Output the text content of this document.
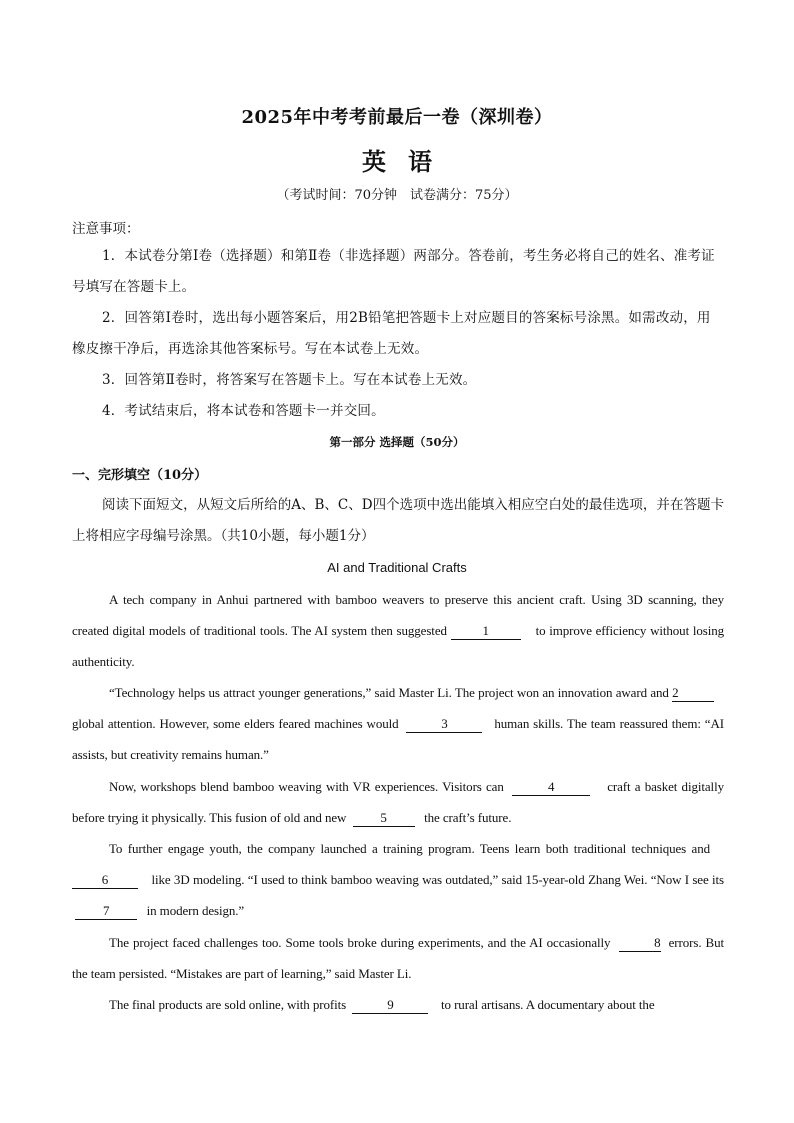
2025年中考考前最后一卷（深圳卷）
英语
（考试时间：70分钟　试卷满分：75分）
注意事项：
1．本试卷分第Ⅰ卷（选择题）和第Ⅱ卷（非选择题）两部分。答卷前，考生务必将自己的姓名、准考证号填写在答题卡上。
2．回答第Ⅰ卷时，选出每小题答案后，用2B铅笔把答题卡上对应题目的答案标号涂黑。如需改动，用橡皮擦干净后，再选涂其他答案标号。写在本试卷上无效。
3．回答第Ⅱ卷时，将答案写在答题卡上。写在本试卷上无效。
4．考试结束后，将本试卷和答题卡一并交回。
第一部分 选择题（50分）
一、完形填空（10分）
阅读下面短文，从短文后所给的A、B、C、D四个选项中选出能填入相应空白处的最佳选项，并在答题卡上将相应字母编号涂黑。（共10小题，每小题1分）
AI and Traditional Crafts
A tech company in Anhui partnered with bamboo weavers to preserve this ancient craft. Using 3D scanning, they created digital models of traditional tools. The AI system then suggested 1	to improve efficiency without losing authenticity.
“Technology helps us attract younger generations,” said Master Li. The project won an innovation award and 2    global attention. However, some elders feared machines would	3	human skills. The team reassured them: “AI assists, but creativity remains human.”
Now, workshops blend bamboo weaving with VR experiences. Visitors can	4	craft a basket digitally before trying it physically. This fusion of old and new  5	the craft’s future.
To further engage youth, the company launched a training program. Teens learn both traditional techniques and   6	like 3D modeling. “I used to think bamboo weaving was outdated,” said 15-year-old Zhang Wei. “Now I see its  7	in modern design.”
The project faced challenges too. Some tools broke during experiments, and the AI occasionally	8  errors. But the team persisted. “Mistakes are part of learning,” said Master Li.
The final products are sold online, with profits	9	to rural artisans. A documentary about the
